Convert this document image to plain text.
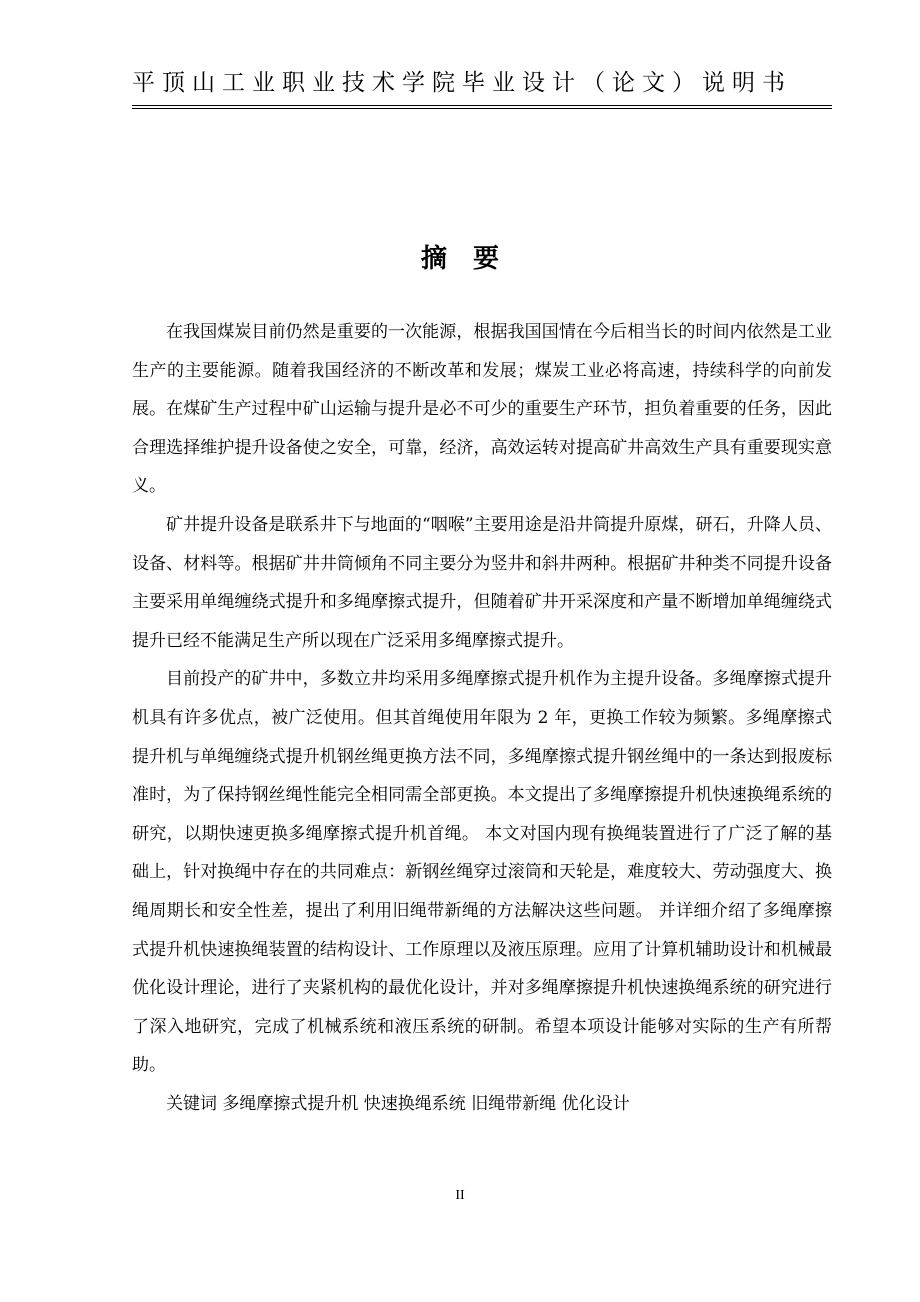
平顶山工业职业技术学院毕业设计（论文）说明书
摘要

在我国煤炭目前仍然是重要的一次能源，根据我国国情在今后相当长的时间内依然是工业生产的主要能源。随着我国经济的不断改革和发展；煤炭工业必将高速，持续科学的向前发展。在煤矿生产过程中矿山运输与提升是必不可少的重要生产环节，担负着重要的任务，因此合理选择维护提升设备使之安全，可靠，经济，高效运转对提高矿井高效生产具有重要现实意义。

矿井提升设备是联系井下与地面的“咽喉”主要用途是沿井筒提升原煤，研石，升降人员、设备、材料等。根据矿井井筒倾角不同主要分为竖井和斜井两种。根据矿井种类不同提升设备主要采用单绳缠绕式提升和多绳摩擦式提升，但随着矿井开采深度和产量不断增加单绳缠绕式提升已经不能满足生产所以现在广泛采用多绳摩擦式提升。

目前投产的矿井中，多数立井均采用多绳摩擦式提升机作为主提升设备。多绳摩擦式提升机具有许多优点，被广泛使用。但其首绳使用年限为 2 年，更换工作较为频繁。多绳摩擦式提升机与单绳缠绕式提升机钢丝绳更换方法不同，多绳摩擦式提升钢丝绳中的一条达到报废标准时，为了保持钢丝绳性能完全相同需全部更换。本文提出了多绳摩擦提升机快速换绳系统的研究，以期快速更换多绳摩擦式提升机首绳。 本文对国内现有换绳装置进行了广泛了解的基础上，针对换绳中存在的共同难点：新钢丝绳穿过滚筒和天轮是，难度较大、劳动强度大、换绳周期长和安全性差，提出了利用旧绳带新绳的方法解决这些问题。 并详细介绍了多绳摩擦式提升机快速换绳装置的结构设计、工作原理以及液压原理。应用了计算机辅助设计和机械最优化设计理论，进行了夹紧机构的最优化设计，并对多绳摩擦提升机快速换绳系统的研究进行了深入地研究，完成了机械系统和液压系统的研制。希望本项设计能够对实际的生产有所帮助。

关键词 多绳摩擦式提升机 快速换绳系统 旧绳带新绳 优化设计

II
